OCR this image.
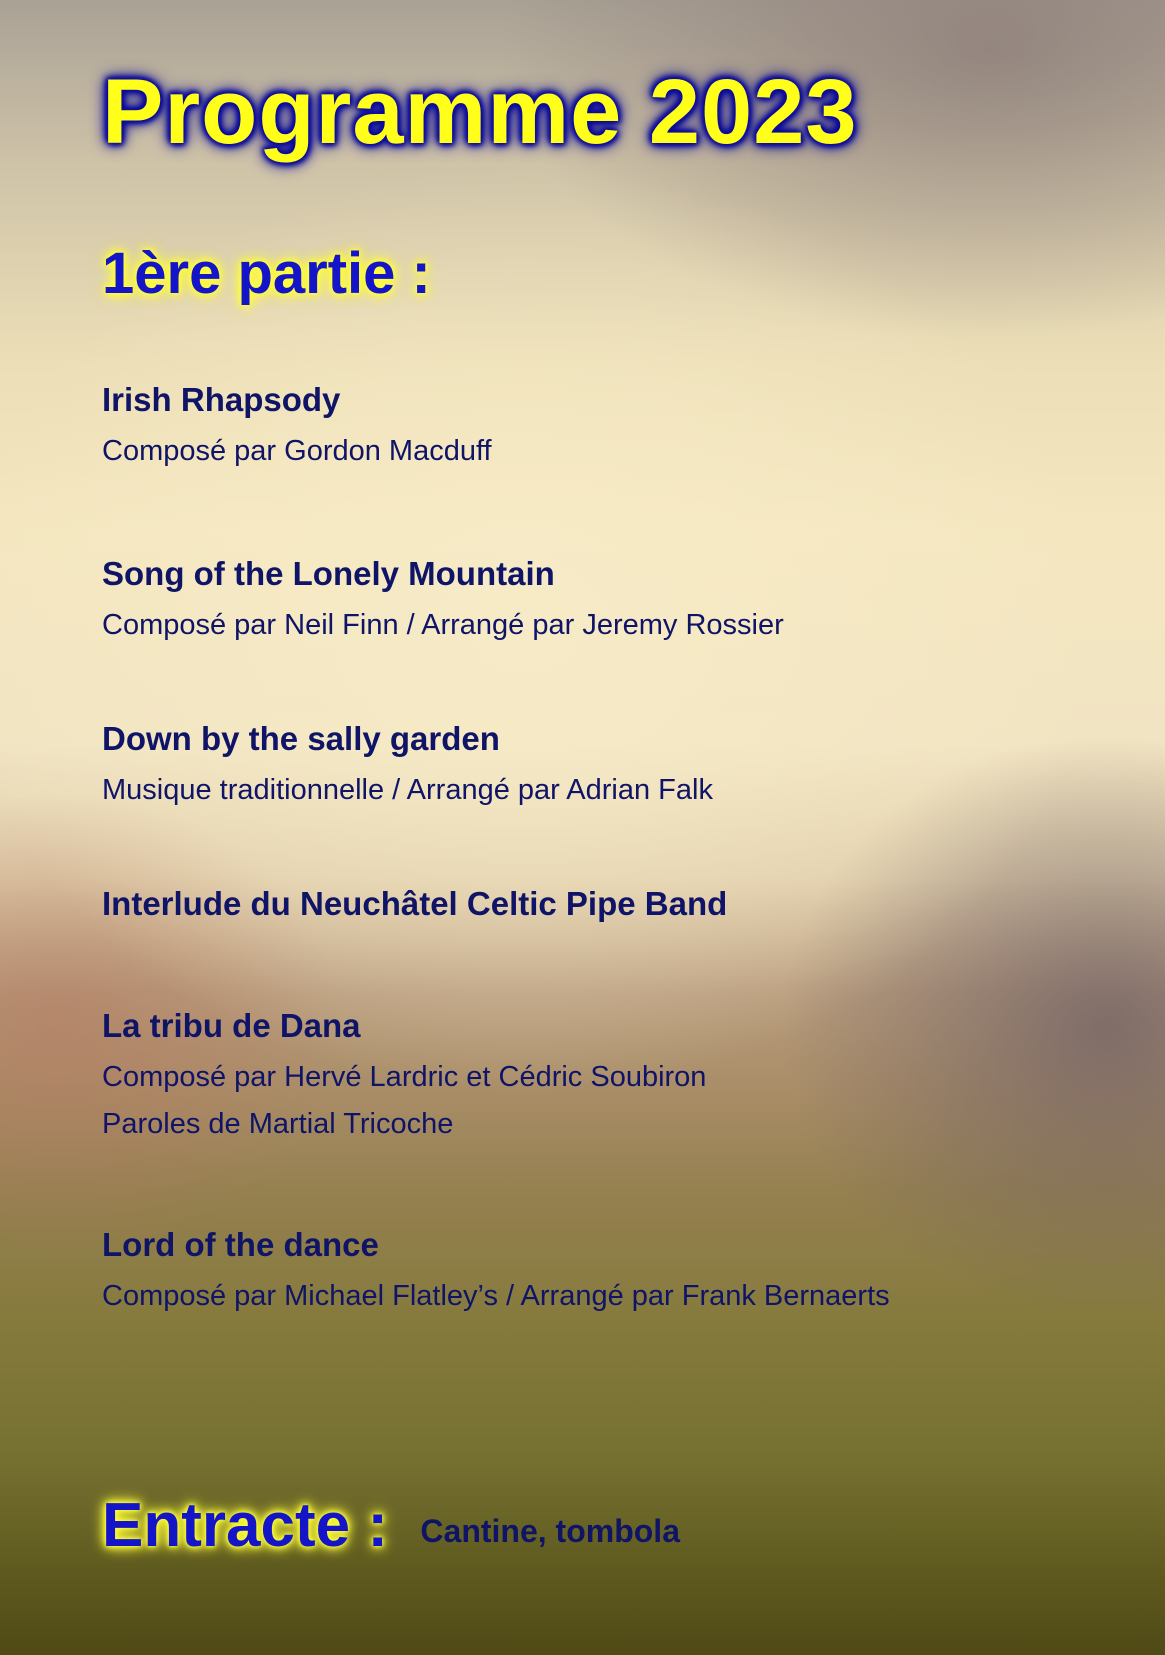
Programme 2023
1ère partie :

Irish Rhapsody

Composé par Gordon Macduff

Song of the Lonely Mountain

Composé par Neil Finn / Arrangé par Jeremy Rossier

Down by the sally garden

Musique traditionnelle / Arrangé par Adrian Falk

Interlude du Neuchâtel Celtic Pipe Band

La tribu de Dana

Composé par Hervé Lardric et Cédric Soubiron

Paroles de Martial Tricoche

Lord of the dance

Composé par Michael Flatley’s / Arrangé par Frank Bernaerts

Entracte : Cantine, tombola
